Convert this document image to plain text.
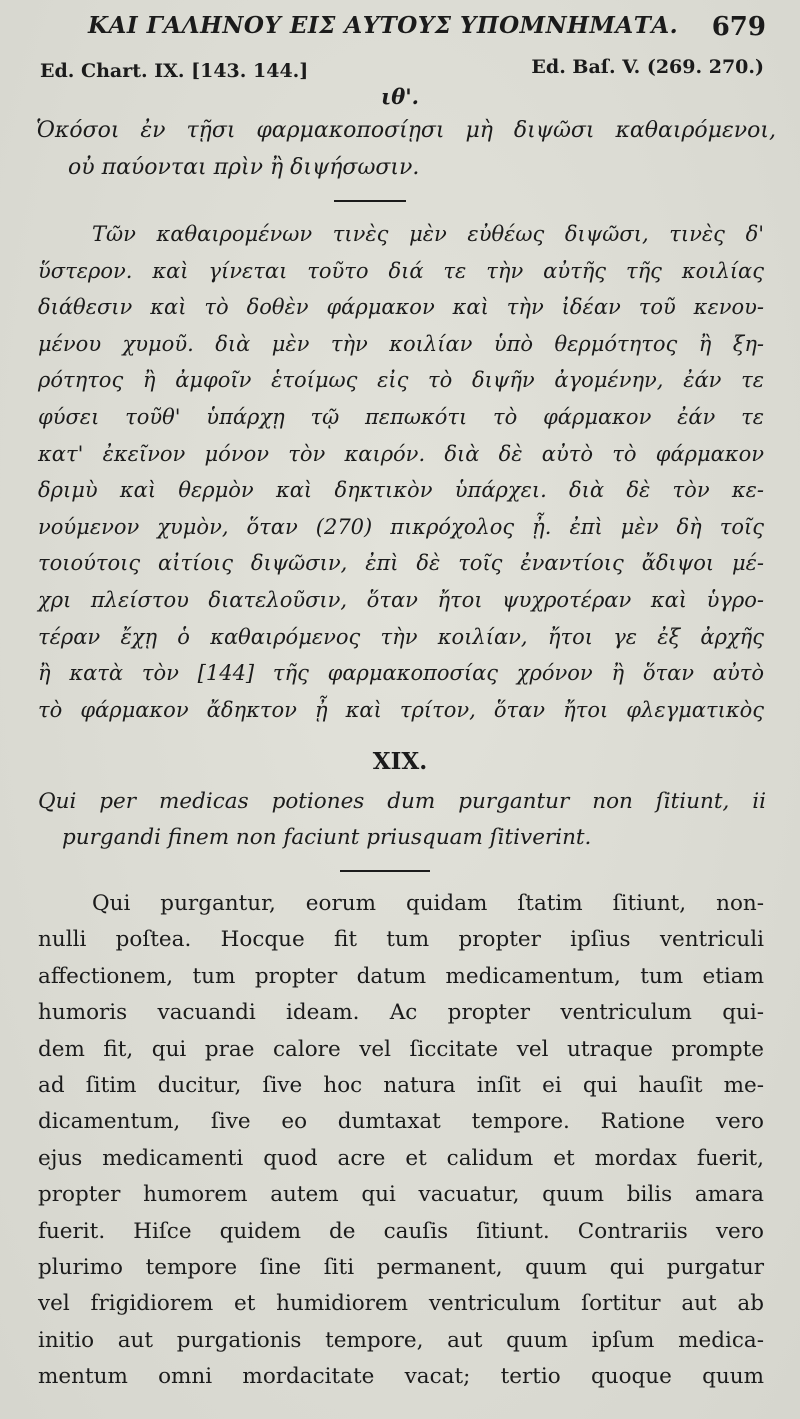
ΚΑΙ ΓΑΛΗΝΟΥ ΕΙΣ ΑΥΤΟΥΣ ΥΠΟΜΝΗΜΑΤΑ. 679
Ed. Chart. IX. [143. 144.]	Ed. Baſ. V. (269. 270.)
ιθ'.
Ὁκόσοι ἐν τῇσι φαρμακοποσίῃσι μὴ διψῶσι καθαιρόμενοι,
οὐ παύονται πρὶν ἢ διψήσωσιν.
Τῶν καθαιρομένων τινὲς μὲν εὐθέως διψῶσι, τινὲς δ'
ὕστερον. καὶ γίνεται τοῦτο διά τε τὴν αὐτῆς τῆς κοιλίας
διάθεσιν καὶ τὸ δοθὲν φάρμακον καὶ τὴν ἰδέαν τοῦ κενου-
μένου χυμοῦ. διὰ μὲν τὴν κοιλίαν ὑπὸ θερμότητος ἢ ξη-
ρότητος ἢ ἀμφοῖν ἑτοίμως εἰς τὸ διψῆν ἀγομένην, ἐάν τε
φύσει τοῦθ' ὑπάρχῃ τῷ πεπωκότι τὸ φάρμακον ἐάν τε
κατ' ἐκεῖνον μόνον τὸν καιρόν. διὰ δὲ αὐτὸ τὸ φάρμακον
δριμὺ καὶ θερμὸν καὶ δηκτικὸν ὑπάρχει. διὰ δὲ τὸν κε-
νούμενον χυμὸν, ὅταν (270) πικρόχολος ᾖ. ἐπὶ μὲν δὴ τοῖς
τοιούτοις αἰτίοις διψῶσιν, ἐπὶ δὲ τοῖς ἐναντίοις ἄδιψοι μέ-
χρι πλείστου διατελοῦσιν, ὅταν ἤτοι ψυχροτέραν καὶ ὑγρο-
τέραν ἔχῃ ὁ καθαιρόμενος τὴν κοιλίαν, ἤτοι γε ἐξ ἀρχῆς
ἢ κατὰ τὸν [144] τῆς φαρμακοποσίας χρόνον ἢ ὅταν αὐτὸ
τὸ φάρμακον ἄδηκτον ᾖ καὶ τρίτον, ὅταν ἤτοι φλεγματικὸς
XIX.
Qui per medicas potiones dum purgantur non ſitiunt, ii
purgandi finem non faciunt priusquam ſitiverint.
Qui purgantur, eorum quidam ſtatim ſitiunt, non-
nulli poſtea. Hocque fit tum propter ipſius ventriculi
affectionem, tum propter datum medicamentum, tum etiam
humoris vacuandi ideam. Ac propter ventriculum qui-
dem fit, qui prae calore vel ſiccitate vel utraque prompte
ad ſitim ducitur, ſive hoc natura inſit ei qui hauſit me-
dicamentum, ſive eo dumtaxat tempore. Ratione vero
ejus medicamenti quod acre et calidum et mordax fuerit,
propter humorem autem qui vacuatur, quum bilis amara
fuerit. Hiſce quidem de cauſis ſitiunt. Contrariis vero
plurimo tempore ſine ſiti permanent, quum qui purgatur
vel frigidiorem et humidiorem ventriculum ſortitur aut ab
initio aut purgationis tempore, aut quum ipſum medica-
mentum omni mordacitate vacat; tertio quoque quum
